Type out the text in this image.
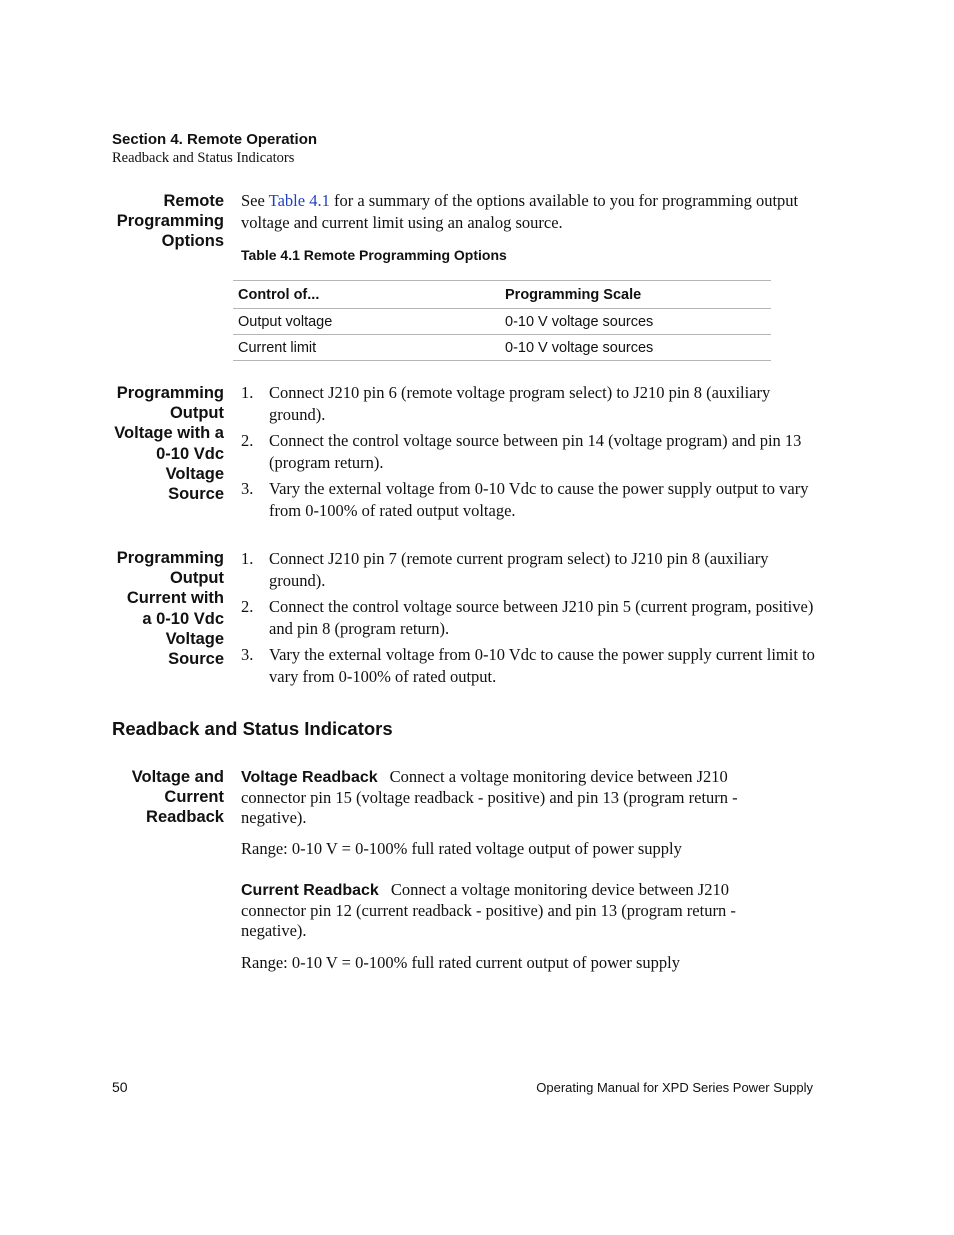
Section 4. Remote Operation
Readback and Status Indicators
Remote
Programming
Options
See Table 4.1 for a summary of the options available to you for programming output voltage and current limit using an analog source.
Table 4.1 Remote Programming Options
Control of...	Programming Scale
Output voltage	0-10 V voltage sources
Current limit	0-10 V voltage sources
Programming
Output
Voltage with a
0-10 Vdc
Voltage
Source
1. Connect J210 pin 6 (remote voltage program select) to J210 pin 8 (auxiliary ground).
2. Connect the control voltage source between pin 14 (voltage program) and pin 13 (program return).
3. Vary the external voltage from 0-10 Vdc to cause the power supply output to vary from 0-100% of rated output voltage.
Programming
Output
Current with
a 0-10 Vdc
Voltage
Source
1. Connect J210 pin 7 (remote current program select) to J210 pin 8 (auxiliary ground).
2. Connect the control voltage source between J210 pin 5 (current program, positive) and pin 8 (program return).
3. Vary the external voltage from 0-10 Vdc to cause the power supply current limit to vary from 0-100% of rated output.
Readback and Status Indicators
Voltage and
Current
Readback
Voltage Readback Connect a voltage monitoring device between J210 connector pin 15 (voltage readback - positive) and pin 13 (program return - negative).
Range: 0-10 V = 0-100% full rated voltage output of power supply
Current Readback Connect a voltage monitoring device between J210 connector pin 12 (current readback - positive) and pin 13 (program return - negative).
Range: 0-10 V = 0-100% full rated current output of power supply
50	Operating Manual for XPD Series Power Supply
